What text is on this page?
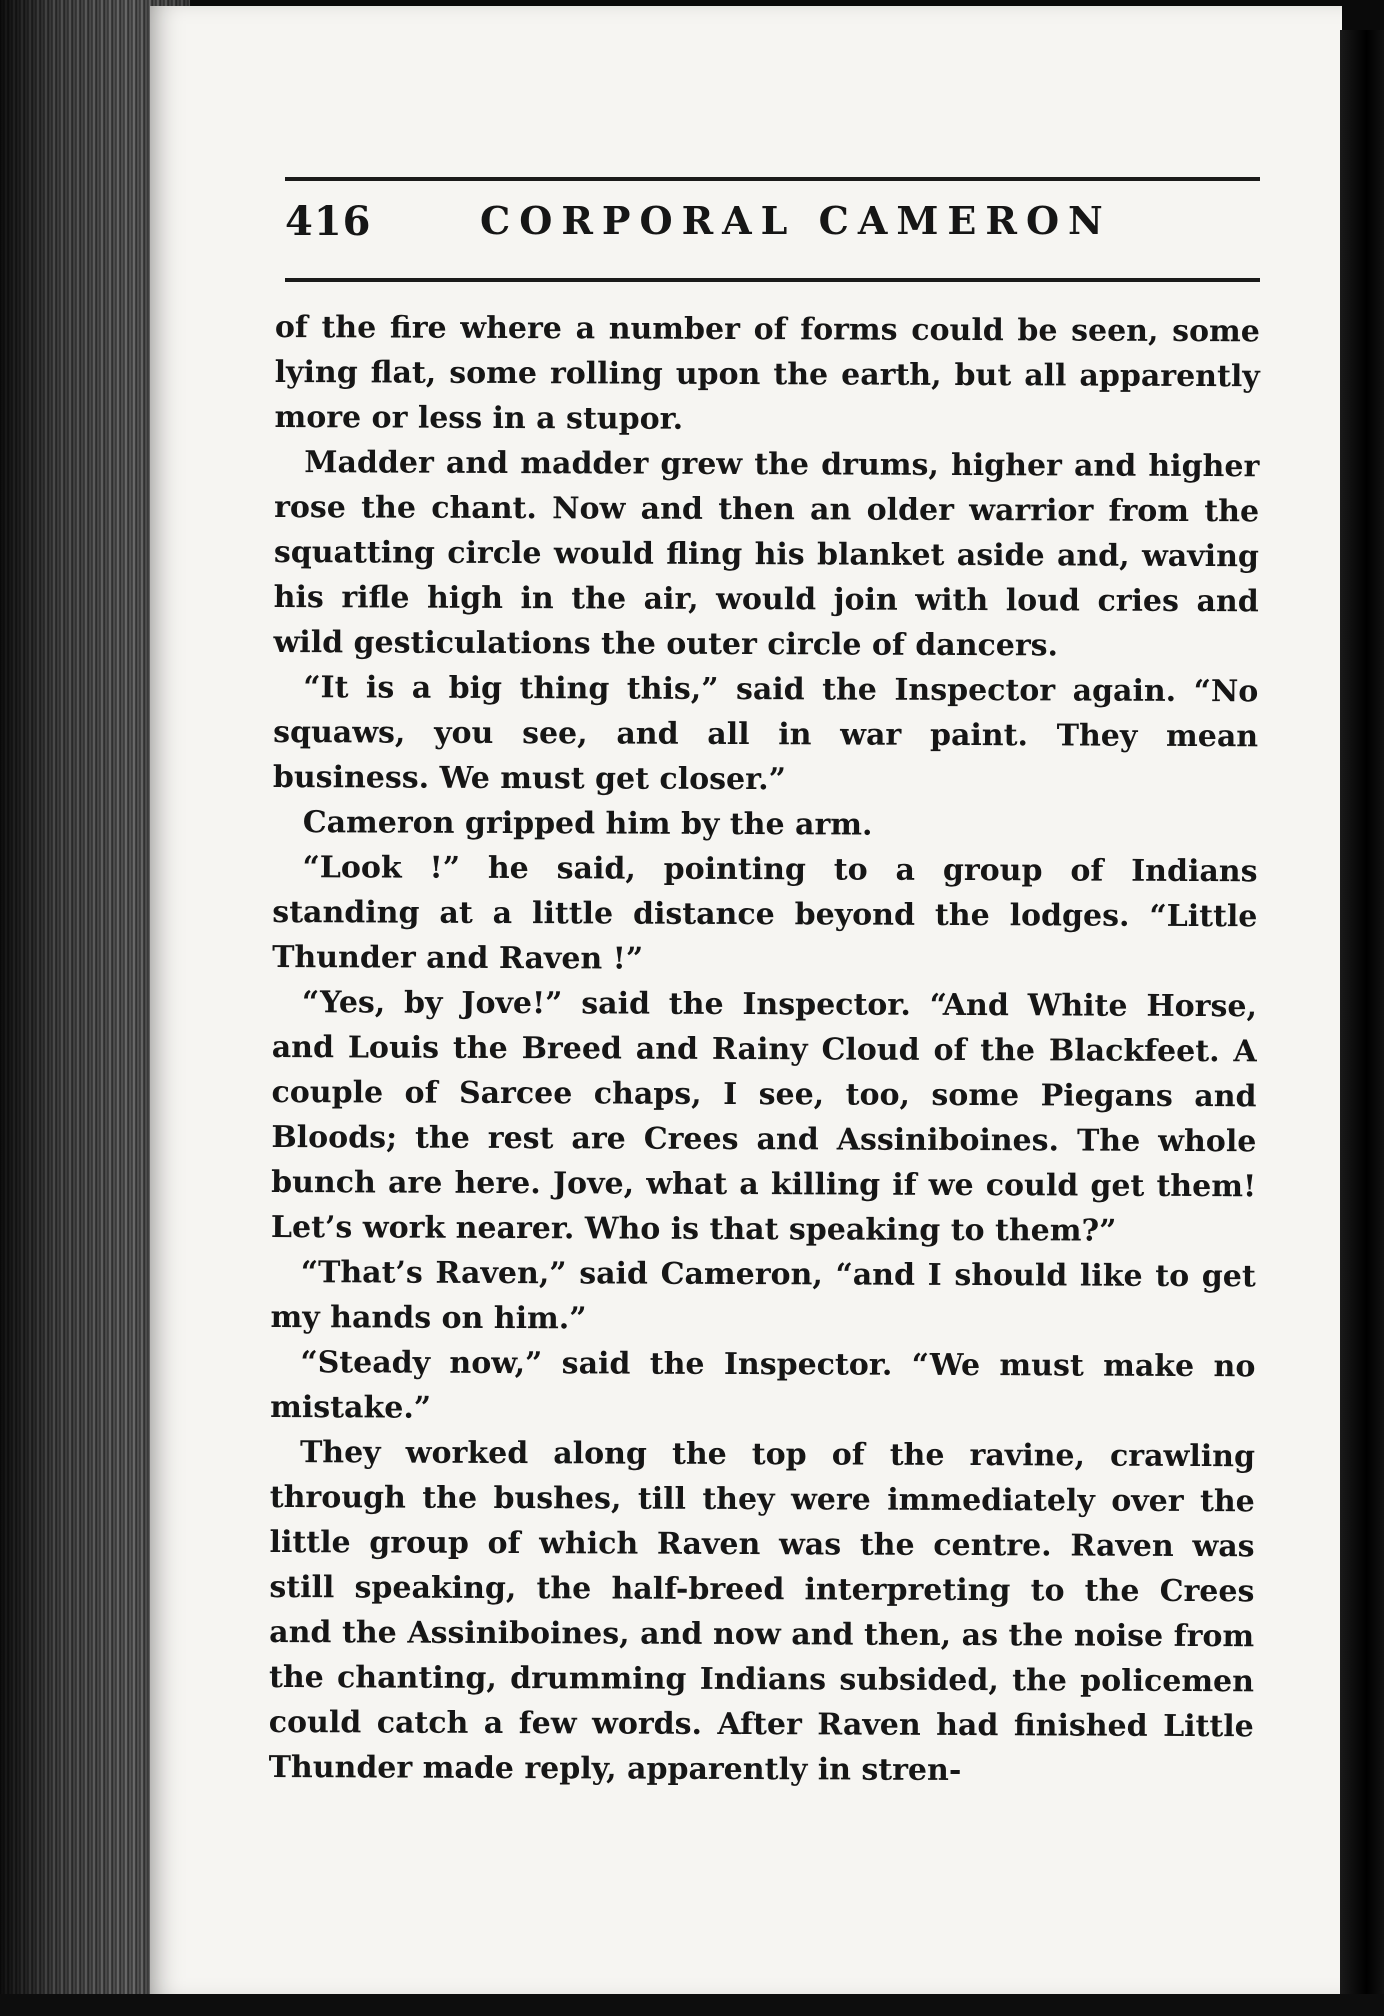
416	CORPORAL CAMERON

of the fire where a number of forms could be seen, some lying flat, some rolling upon the earth, but all apparently more or less in a stupor.

Madder and madder grew the drums, higher and higher rose the chant. Now and then an older warrior from the squatting circle would fling his blanket aside and, waving his rifle high in the air, would join with loud cries and wild gesticulations the outer circle of dancers.

“It is a big thing this,” said the Inspector again. “No squaws, you see, and all in war paint. They mean business. We must get closer.”

Cameron gripped him by the arm.

“Look !” he said, pointing to a group of Indians standing at a little distance beyond the lodges. “Little Thunder and Raven !”

“Yes, by Jove!” said the Inspector. “And White Horse, and Louis the Breed and Rainy Cloud of the Blackfeet. A couple of Sarcee chaps, I see, too, some Piegans and Bloods; the rest are Crees and Assiniboines. The whole bunch are here. Jove, what a killing if we could get them! Let’s work nearer. Who is that speaking to them?”

“That’s Raven,” said Cameron, “and I should like to get my hands on him.”

“Steady now,” said the Inspector. “We must make no mistake.”

They worked along the top of the ravine, crawling through the bushes, till they were immediately over the little group of which Raven was the centre. Raven was still speaking, the half-breed interpreting to the Crees and the Assiniboines, and now and then, as the noise from the chanting, drumming Indians subsided, the policemen could catch a few words. After Raven had finished Little Thunder made reply, apparently in stren-
